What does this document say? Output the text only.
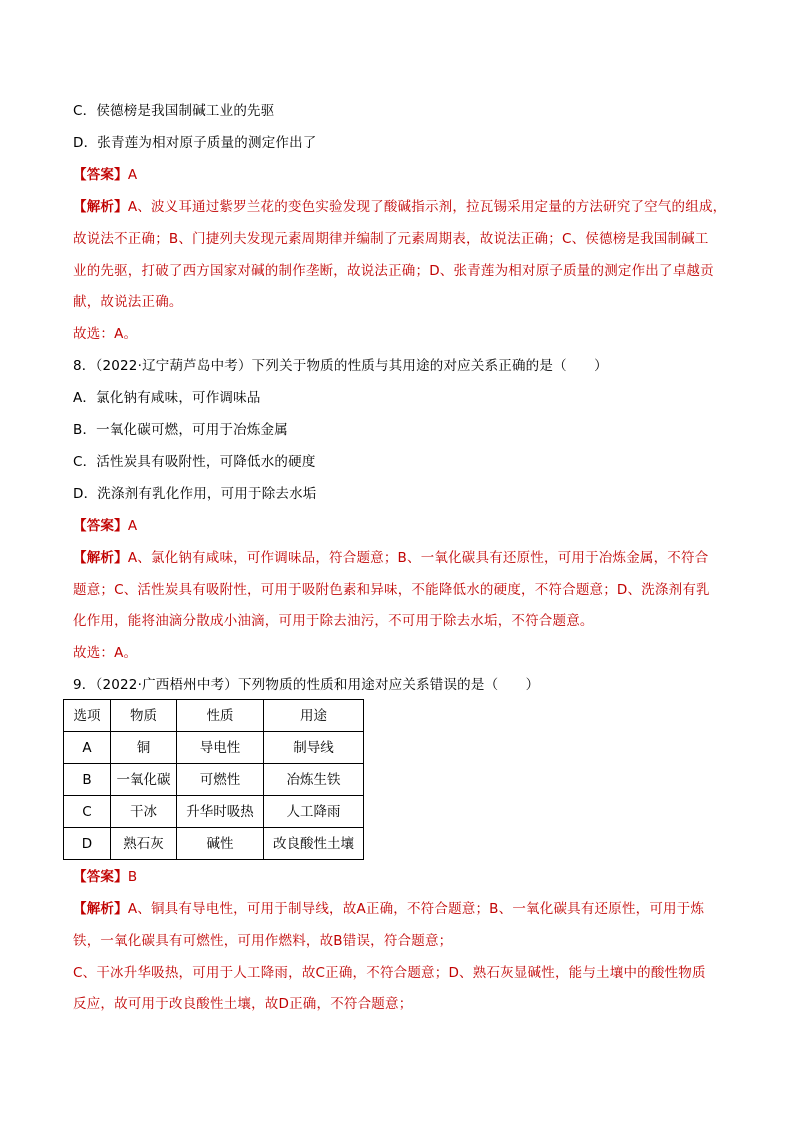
C．侯德榜是我国制碱工业的先驱
D．张青莲为相对原子质量的测定作出了
【答案】A
【解析】A、波义耳通过紫罗兰花的变色实验发现了酸碱指示剂，拉瓦锡采用定量的方法研究了空气的组成，
故说法不正确；B、门捷列夫发现元素周期律并编制了元素周期表，故说法正确；C、侯德榜是我国制碱工
业的先驱，打破了西方国家对碱的制作垄断，故说法正确；D、张青莲为相对原子质量的测定作出了卓越贡
献，故说法正确。
故选：A。
8．（2022·辽宁葫芦岛中考）下列关于物质的性质与其用途的对应关系正确的是（　　）
A．氯化钠有咸味，可作调味品
B．一氧化碳可燃，可用于冶炼金属
C．活性炭具有吸附性，可降低水的硬度
D．洗涤剂有乳化作用，可用于除去水垢
【答案】A
【解析】A、氯化钠有咸味，可作调味品，符合题意；B、一氧化碳具有还原性，可用于冶炼金属，不符合
题意；C、活性炭具有吸附性，可用于吸附色素和异味，不能降低水的硬度，不符合题意；D、洗涤剂有乳
化作用，能将油滴分散成小油滴，可用于除去油污，不可用于除去水垢，不符合题意。
故选：A。
9．（2022·广西梧州中考）下列物质的性质和用途对应关系错误的是（　　）
选项	物质	性质	用途
A	铜	导电性	制导线
B	一氧化碳	可燃性	冶炼生铁
C	干冰	升华时吸热	人工降雨
D	熟石灰	碱性	改良酸性土壤
【答案】B
【解析】A、铜具有导电性，可用于制导线，故A正确，不符合题意；B、一氧化碳具有还原性，可用于炼
铁，一氧化碳具有可燃性，可用作燃料，故B错误，符合题意；
C、干冰升华吸热，可用于人工降雨，故C正确，不符合题意；D、熟石灰显碱性，能与土壤中的酸性物质
反应，故可用于改良酸性土壤，故D正确，不符合题意；
